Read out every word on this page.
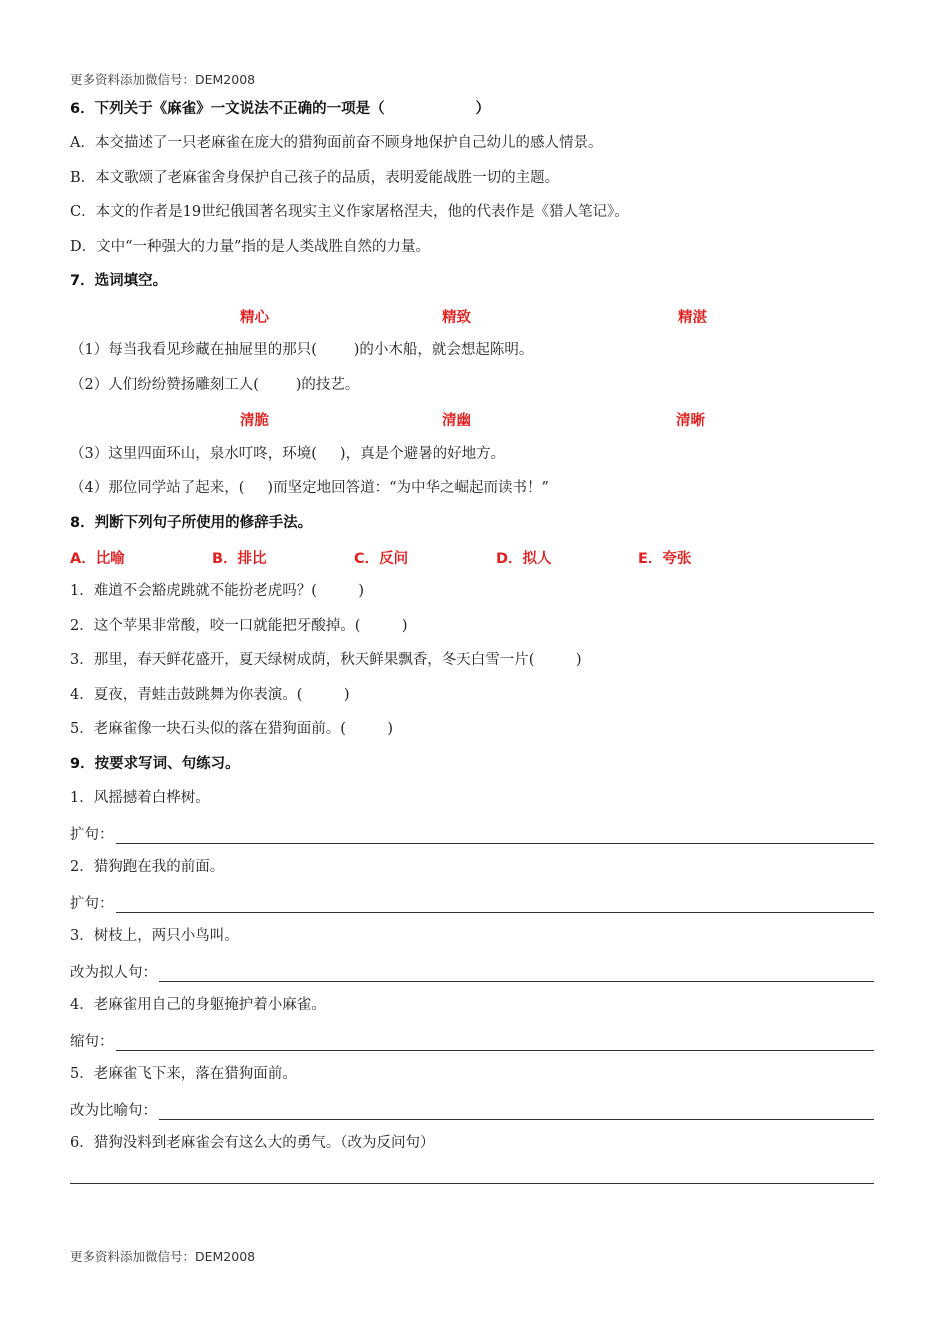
更多资料添加微信号：DEM2008
6．下列关于《麻雀》一文说法不正确的一项是（                  ）
A．本交描述了一只老麻雀在庞大的猎狗面前奋不顾身地保护自己幼儿的感人情景。
B．本文歌颂了老麻雀舍身保护自己孩子的品质，表明爱能战胜一切的主题。
C．本文的作者是19世纪俄国著名现实主义作家屠格涅夫，他的代表作是《猎人笔记》。
D．文中“一种强大的力量”指的是人类战胜自然的力量。
7．选词填空。
精心	精致	精湛
（1）每当我看见珍藏在抽屉里的那只(        )的小木船，就会想起陈明。
（2）人们纷纷赞扬雕刻工人(        )的技艺。
清脆	清幽	清晰
（3）这里四面环山，泉水叮咚，环境(     )，真是个避暑的好地方。
（4）那位同学站了起来，(     )而坚定地回答道：“为中华之崛起而读书！”
8．判断下列句子所使用的修辞手法。
A．比喻	B．排比	C．反问	D．拟人	E．夸张
1．难道不会豁虎跳就不能扮老虎吗？(         )
2．这个苹果非常酸，咬一口就能把牙酸掉。(         )
3．那里，春天鲜花盛开，夏天绿树成荫，秋天鲜果飘香，冬天白雪一片(         )
4．夏夜，青蛙击鼓跳舞为你表演。(         )
5．老麻雀像一块石头似的落在猎狗面前。(         )
9．按要求写词、句练习。
1．风摇撼着白桦树。
扩句：
2．猎狗跑在我的前面。
扩句：
3．树枝上，两只小鸟叫。
改为拟人句：
4．老麻雀用自己的身躯掩护着小麻雀。
缩句：
5．老麻雀飞下来，落在猎狗面前。
改为比喻句：
6．猎狗没料到老麻雀会有这么大的勇气。（改为反问句）
更多资料添加微信号：DEM2008
